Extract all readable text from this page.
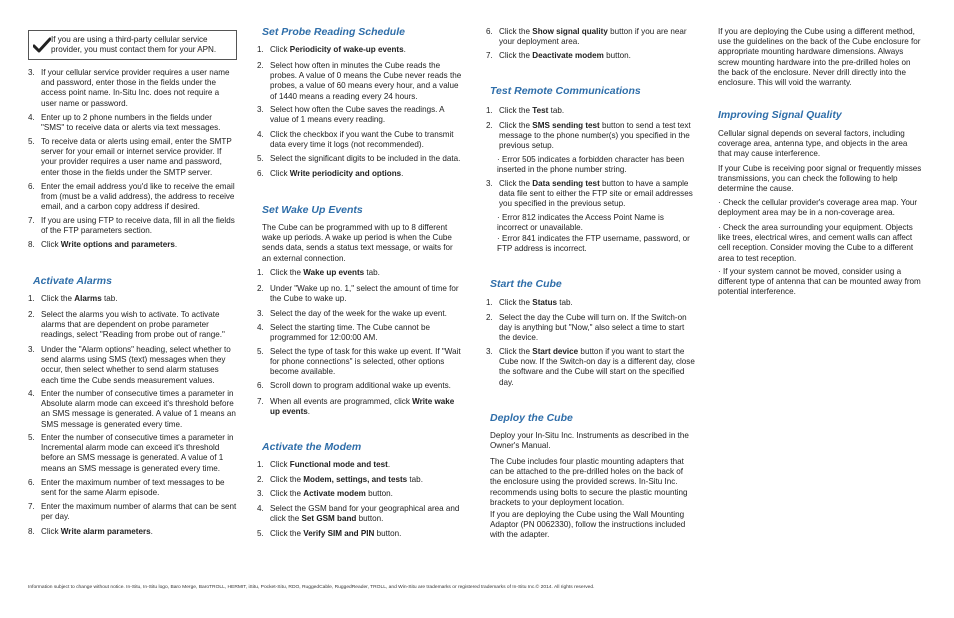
If you are using a third-party cellular service provider, you must contact them for your APN.
3. If your cellular service provider requires a user name and password, enter those in the fields under the access point name. In-Situ Inc. does not require a user name or password.
4. Enter up to 2 phone numbers in the fields under "SMS" to receive data or alerts via text messages.
5. To receive data or alerts using email, enter the SMTP server for your email or internet service provider. If your provider requires a user name and password, enter those in the fields under the SMTP server.
6. Enter the email address you'd like to receive the email from (must be a valid address), the address to receive email, and a carbon copy address if desired.
7. If you are using FTP to receive data, fill in all the fields of the FTP parameters section.
8. Click Write options and parameters.
Activate Alarms
1. Click the Alarms tab.
2. Select the alarms you wish to activate. To activate alarms that are dependent on probe parameter readings, select "Reading from probe out of range."
3. Under the "Alarm options" heading, select whether to send alarms using SMS (text) messages when they occur, then select whether to send alarm statuses each time the Cube sends measurement values.
4. Enter the number of consecutive times a parameter in Absolute alarm mode can exceed it's threshold before an SMS message is generated. A value of 1 means an SMS message is generated every time.
5. Enter the number of consecutive times a parameter in Incremental alarm mode can exceed it's threshold before an SMS message is generated. A value of 1 means an SMS message is generated every time.
6. Enter the maximum number of text messages to be sent for the same Alarm episode.
7. Enter the maximum number of alarms that can be sent per day.
8. Click Write alarm parameters.
Set Probe Reading Schedule
1. Click Periodicity of wake-up events.
2. Select how often in minutes the Cube reads the probes. A value of 0 means the Cube never reads the probes, a value of 60 means every hour, and a value of 1440 means a reading every 24 hours.
3. Select how often the Cube saves the readings. A value of 1 means every reading.
4. Click the checkbox if you want the Cube to transmit data every time it logs (not recommended).
5. Select the significant digits to be included in the data.
6. Click Write periodicity and options.
Set Wake Up Events
The Cube can be programmed with up to 8 different wake up periods. A wake up period is when the Cube sends data, sends a status text message, or waits for an external connection.
1. Click the Wake up events tab.
2. Under "Wake up no. 1," select the amount of time for the Cube to wake up.
3. Select the day of the week for the wake up event.
4. Select the starting time. The Cube cannot be programmed for 12:00:00 AM.
5. Select the type of task for this wake up event. If "Wait for phone connections" is selected, other options become available.
6. Scroll down to program additional wake up events.
7. When all events are programmed, click Write wake up events.
Activate the Modem
1. Click Functional mode and test.
2. Click the Modem, settings, and tests tab.
3. Click the Activate modem button.
4. Select the GSM band for your geographical area and click the Set GSM band button.
5. Click the Verify SIM and PIN button.
6. Click the Show signal quality button if you are near your deployment area.
7. Click the Deactivate modem button.
Test Remote Communications
1. Click the Test tab.
2. Click the SMS sending test button to send a test text message to the phone number(s) you specified in the previous setup.
· Error 505 indicates a forbidden character has been inserted in the phone number string.
3. Click the Data sending test button to have a sample data file sent to either the FTP site or email addresses you specified in the previous setup.
· Error 812 indicates the Access Point Name is incorrect or unavailable.
· Error 841 indicates the FTP username, password, or FTP address is incorrect.
Start the Cube
1. Click the Status tab.
2. Select the day the Cube will turn on. If the Switch-on day is anything but "Now," also select a time to start the device.
3. Click the Start device button if you want to start the Cube now. If the Switch-on day is a different day, close the software and the Cube will start on the specified day.
Deploy the Cube
Deploy your In-Situ Inc. Instruments as described in the Owner's Manual.
The Cube includes four plastic mounting adapters that can be attached to the pre-drilled holes on the back of the enclosure using the provided screws. In-Situ Inc. recommends using bolts to secure the plastic mounting brackets to your deployment location.
If you are deploying the Cube using the Wall Mounting Adaptor (PN 0062330), follow the instructions included with the adapter.
If you are deploying the Cube using a different method, use the guidelines on the back of the Cube enclosure for appropriate mounting hardware dimensions. Always screw mounting hardware into the pre-drilled holes on the back of the enclosure. Never drill directly into the enclosure. This will void the warranty.
Improving Signal Quality
Cellular signal depends on several factors, including coverage area, antenna type, and objects in the area that may cause interference.
If your Cube is receiving poor signal or frequently misses transmissions, you can check the following to help determine the cause.
· Check the cellular provider's coverage area map. Your deployment area may be in a non-coverage area.
· Check the area surrounding your equipment. Objects like trees, electrical wires, and cement walls can affect cell reception. Consider moving the Cube to a different area to test reception.
· If your system cannot be moved, consider using a different type of antenna that can be mounted away from potential interference.
Information subject to change without notice. In-Situ, In-Situ logo, Baro Merge, BaroTROLL, HERMIT, iSitu, Pocket-Situ, RDO, RuggedCable, RuggedReader, TROLL, and Win-Situ are trademarks or registered trademarks of In-Situ Inc.© 2014. All rights reserved.
